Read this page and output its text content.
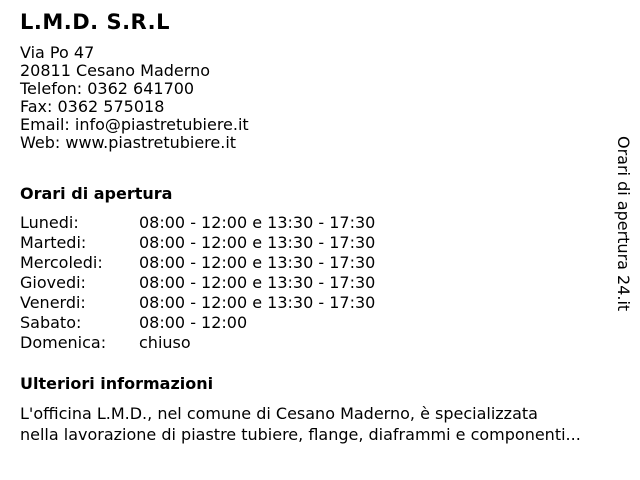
L.M.D. S.R.L
Via Po 47
20811 Cesano Maderno
Telefon: 0362 641700
Fax: 0362 575018
Email: info@piastretubiere.it
Web: www.piastretubiere.it
Orari di apertura
Lunedi:	08:00 - 12:00 e 13:30 - 17:30
Martedi:	08:00 - 12:00 e 13:30 - 17:30
Mercoledi: 08:00 - 12:00 e 13:30 - 17:30
Giovedi:	08:00 - 12:00 e 13:30 - 17:30
Venerdi:	08:00 - 12:00 e 13:30 - 17:30
Sabato:	08:00 - 12:00
Domenica: chiuso
Ulteriori informazioni
L'officina L.M.D., nel comune di Cesano Maderno, è specializzata
nella lavorazione di piastre tubiere, flange, diaframmi e componenti...
Orari di apertura 24.it
